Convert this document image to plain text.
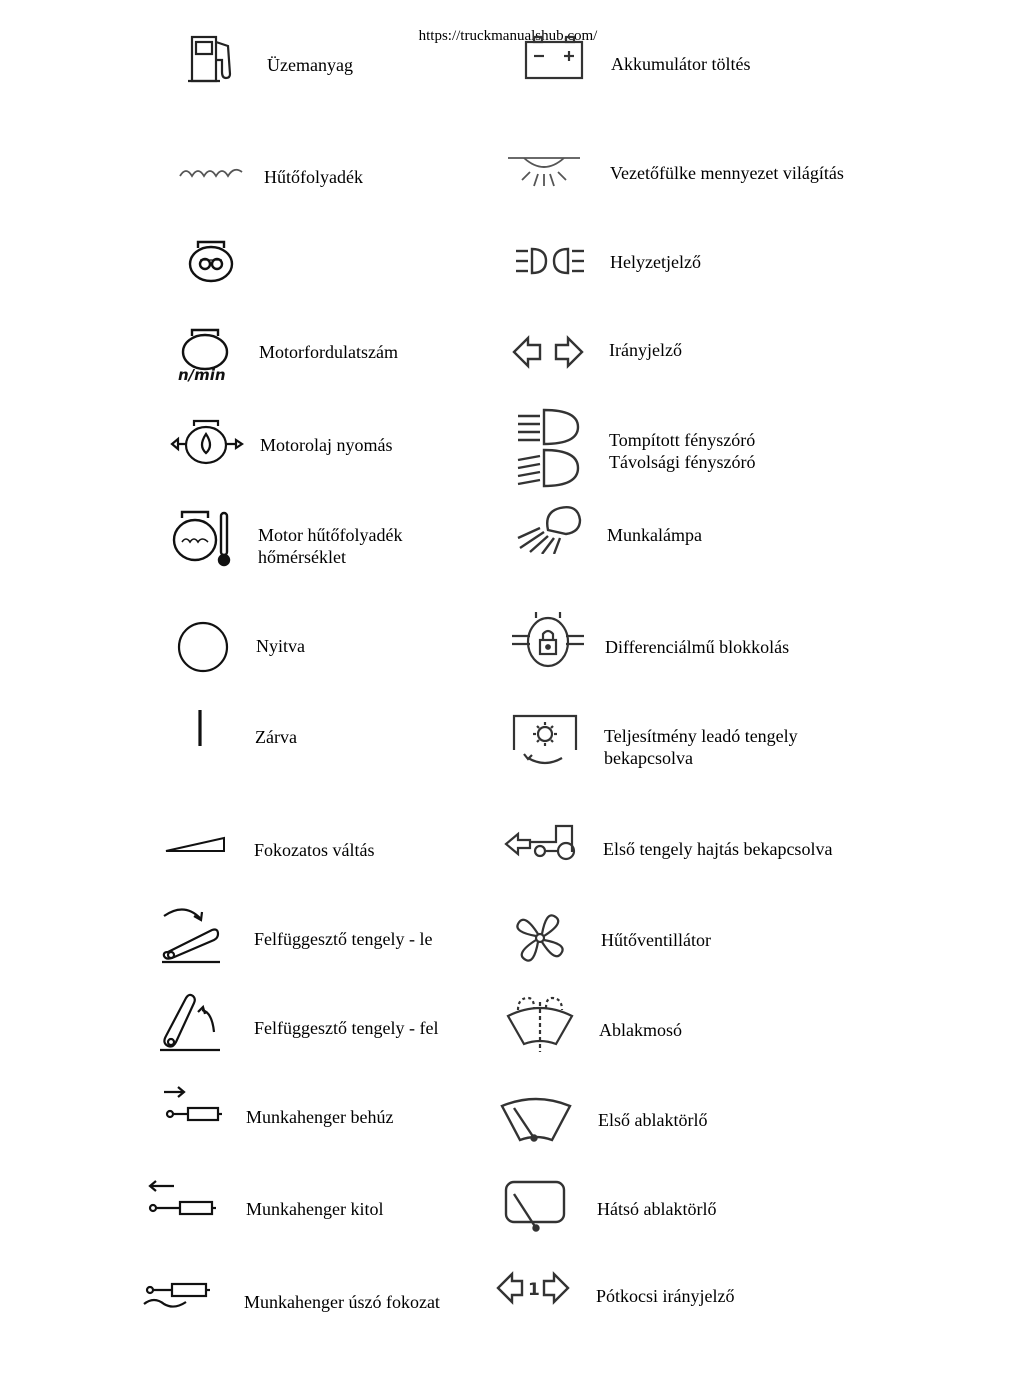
https://truckmanualshub.com/
Üzemanyag
Hűtőfolyadék
n/min
Motorfordulatszám
Motorolaj nyomás
Motor hűtőfolyadék
hőmérséklet
Nyitva
Zárva
Fokozatos váltás
Felfüggesztő tengely - le
Felfüggesztő tengely - fel
Munkahenger behúz
Munkahenger kitol
Munkahenger úszó fokozat
Akkumulátor töltés
Vezetőfülke mennyezet világítás
Helyzetjelző
Irányjelző
Tompított fényszóró
Távolsági fényszóró
Munkalámpa
Differenciálmű blokkolás
Teljesítmény leadó tengely
bekapcsolva
Első tengely hajtás bekapcsolva
Hűtőventillátor
Ablakmosó
Első ablaktörlő
Hátsó ablaktörlő
1	Pótkocsi irányjelző
